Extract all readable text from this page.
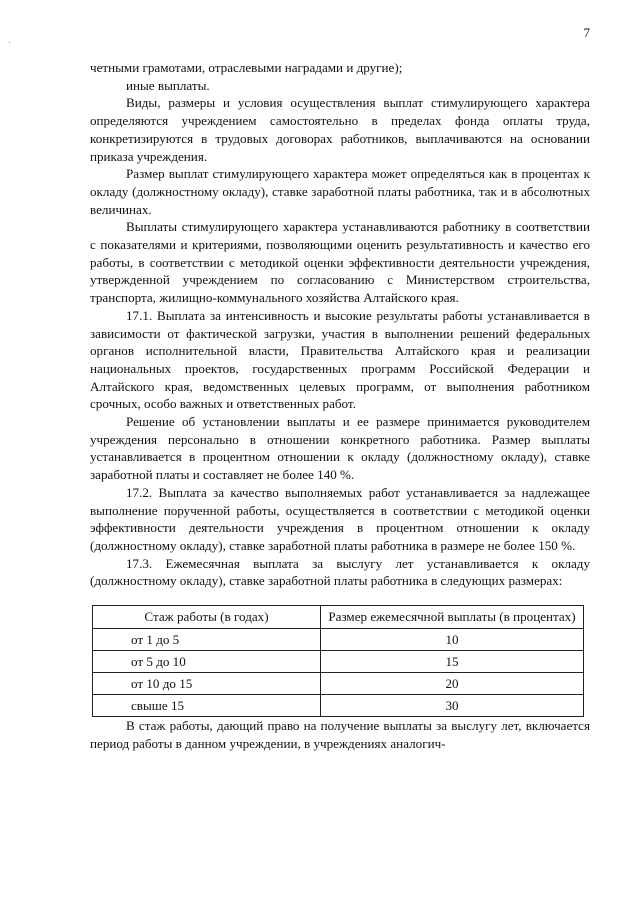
·
7

четными грамотами, отраслевыми наградами и другие);

иные выплаты.

Виды, размеры и условия осуществления выплат стимулирующего характера определяются учреждением самостоятельно в пределах фонда оплаты труда, конкретизируются в трудовых договорах работников, выплачиваются на основании приказа учреждения.

Размер выплат стимулирующего характера может определяться как в процентах к окладу (должностному окладу), ставке заработной платы работника, так и в абсолютных величинах.

Выплаты стимулирующего характера устанавливаются работнику в соответствии с показателями и критериями, позволяющими оценить результативность и качество его работы, в соответствии с методикой оценки эффективности деятельности учреждения, утвержденной учреждением по согласованию с Министерством строительства, транспорта, жилищно-коммунального хозяйства Алтайского края.

17.1. Выплата за интенсивность и высокие результаты работы устанавливается в зависимости от фактической загрузки, участия в выполнении решений федеральных органов исполнительной власти, Правительства Алтайского края и реализации национальных проектов, государственных программ Российской Федерации и Алтайского края, ведомственных целевых программ, от выполнения работником срочных, особо важных и ответственных работ.

Решение об установлении выплаты и ее размере принимается руководителем учреждения персонально в отношении конкретного работника. Размер выплаты устанавливается в процентном отношении к окладу (должностному окладу), ставке заработной платы и составляет не более 140 %.

17.2. Выплата за качество выполняемых работ устанавливается за надлежащее выполнение порученной работы, осуществляется в соответствии с методикой оценки эффективности деятельности учреждения в процентном отношении к окладу (должностному окладу), ставке заработной платы работника в размере не более 150 %.

17.3. Ежемесячная выплата за выслугу лет устанавливается к окладу (должностному окладу), ставке заработной платы работника в следующих размерах:

Стаж работы (в годах)	Размер ежемесячной выплаты (в процентах)
от 1 до 5	10
от 5 до 10	15
от 10 до 15	20
свыше 15	30

В стаж работы, дающий право на получение выплаты за выслугу лет, включается период работы в данном учреждении, в учреждениях аналогич-
